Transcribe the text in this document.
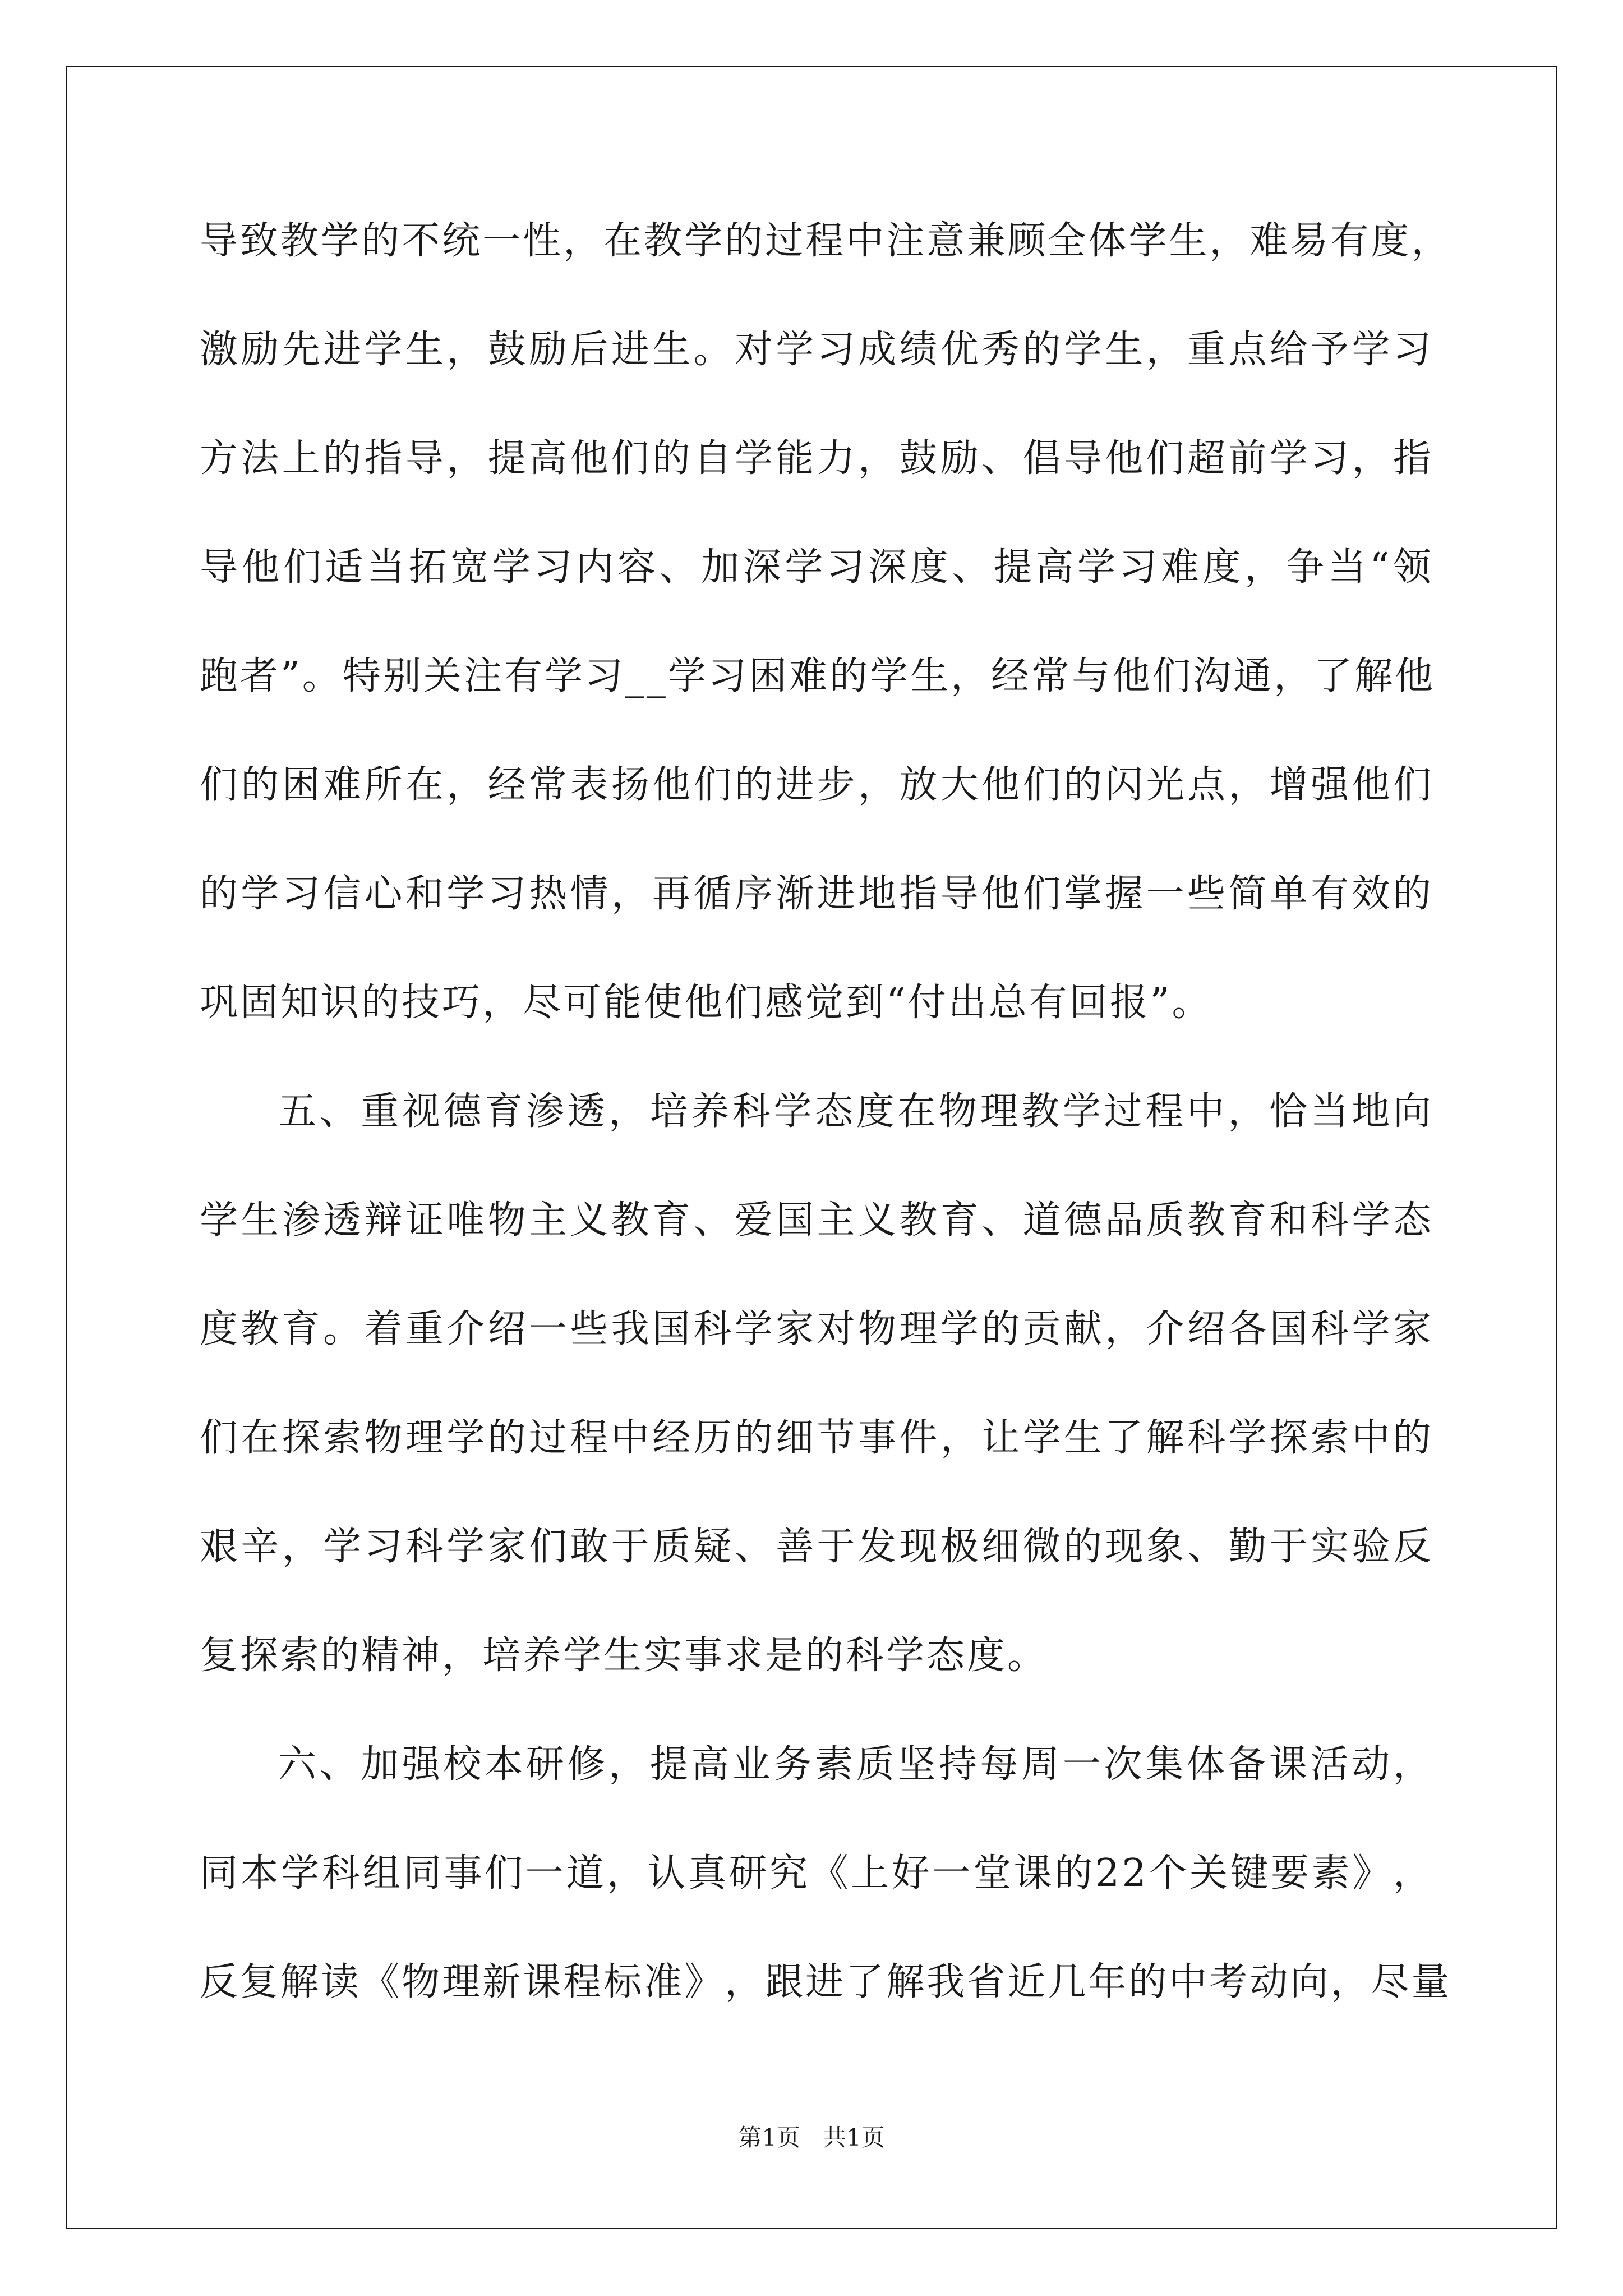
导 致 教 学 的 不 统 一 性 ， 在 教 学 的 过 程 中 注 意 兼 顾 全 体 学 生 ， 难 易 有 度 ，
激 励 先 进 学 生 ， 鼓 励 后 进 生 。 对 学 习 成 绩 优 秀 的 学 生 ， 重 点 给 予 学 习
方 法 上 的 指 导 ， 提 高 他 们 的 自 学 能 力 ， 鼓 励 、 倡 导 他 们 超 前 学 习 ， 指
导 他 们 适 当 拓 宽 学 习 内 容 、 加 深 学 习 深 度 、 提 高 学 习 难 度 ， 争 当 “ 领
跑 者 ” 。 特 别 关 注 有 学 习 _ _ 学 习 困 难 的 学 生 ， 经 常 与 他 们 沟 通 ， 了 解 他
们 的 困 难 所 在 ， 经 常 表 扬 他 们 的 进 步 ， 放 大 他 们 的 闪 光 点 ， 增 强 他 们
的 学 习 信 心 和 学 习 热 情 ， 再 循 序 渐 进 地 指 导 他 们 掌 握 一 些 简 单 有 效 的
巩固知识的技巧，尽可能使他们感觉到“付出总有回报”。
五 、 重 视 德 育 渗 透 ， 培 养 科 学 态 度 在 物 理 教 学 过 程 中 ， 恰 当 地 向
学 生 渗 透 辩 证 唯 物 主 义 教 育 、 爱 国 主 义 教 育 、 道 德 品 质 教 育 和 科 学 态
度 教 育 。 着 重 介 绍 一 些 我 国 科 学 家 对 物 理 学 的 贡 献 ， 介 绍 各 国 科 学 家
们 在 探 索 物 理 学 的 过 程 中 经 历 的 细 节 事 件 ， 让 学 生 了 解 科 学 探 索 中 的
艰 辛 ， 学 习 科 学 家 们 敢 于 质 疑 、 善 于 发 现 极 细 微 的 现 象 、 勤 于 实 验 反
复探索的精神，培养学生实事求是的科学态度。
六 、 加 强 校 本 研 修 ， 提 高 业 务 素 质 坚 持 每 周 一 次 集 体 备 课 活 动 ，
同 本 学 科 组 同 事 们 一 道 ， 认 真 研 究 《 上 好 一 堂 课 的 2 2 个 关 键 要 素 》 ，
反 复 解 读 《 物 理 新 课 程 标 准 》 ， 跟 进 了 解 我 省 近 几 年 的 中 考 动 向 ， 尽 量
第1页   共1页
